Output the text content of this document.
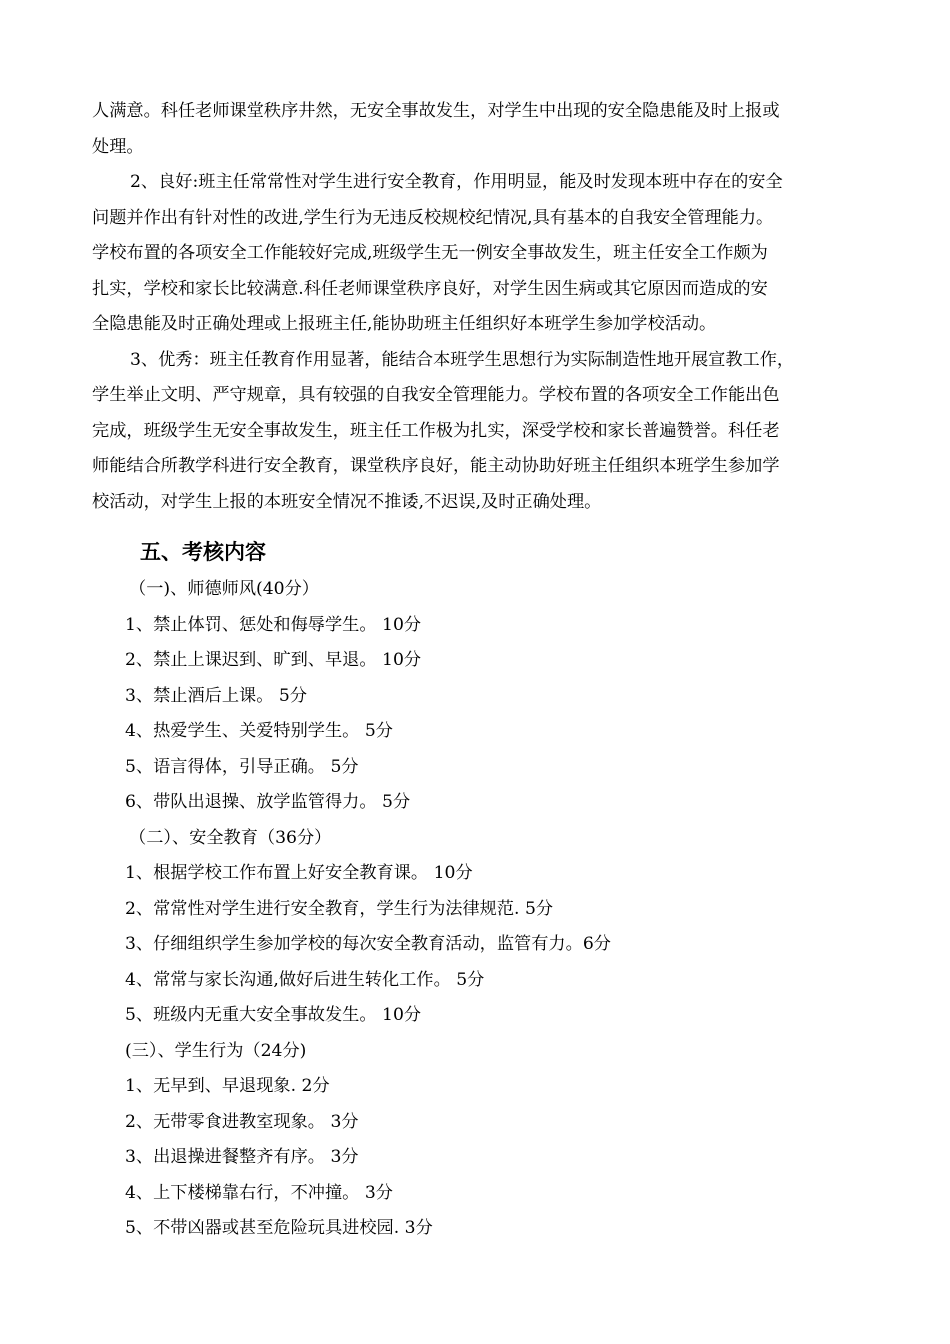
人满意。科任老师课堂秩序井然，无安全事故发生，对学生中出现的安全隐患能及时上报或
处理。
2、良好:班主任常常性对学生进行安全教育，作用明显，能及时发现本班中存在的安全
问题并作出有针对性的改进,学生行为无违反校规校纪情况,具有基本的自我安全管理能力。
学校布置的各项安全工作能较好完成,班级学生无一例安全事故发生，班主任安全工作颇为
扎实，学校和家长比较满意.科任老师课堂秩序良好，对学生因生病或其它原因而造成的安
全隐患能及时正确处理或上报班主任,能协助班主任组织好本班学生参加学校活动。
3、优秀：班主任教育作用显著，能结合本班学生思想行为实际制造性地开展宣教工作，
学生举止文明、严守规章，具有较强的自我安全管理能力。学校布置的各项安全工作能出色
完成，班级学生无安全事故发生，班主任工作极为扎实，深受学校和家长普遍赞誉。科任老
师能结合所教学科进行安全教育，课堂秩序良好，能主动协助好班主任组织本班学生参加学
校活动，对学生上报的本班安全情况不推诿,不迟误,及时正确处理。
五、考核内容
（一)、师德师风(40分）
1、禁止体罚、惩处和侮辱学生。 10分
2、禁止上课迟到、旷到、早退。 10分
3、禁止酒后上课。 5分
4、热爱学生、关爱特别学生。 5分
5、语言得体，引导正确。 5分
6、带队出退操、放学监管得力。 5分
（二）、安全教育（36分）
1、根据学校工作布置上好安全教育课。 10分
2、常常性对学生进行安全教育，学生行为法律规范. 5分
3、仔细组织学生参加学校的每次安全教育活动，监管有力。6分
4、常常与家长沟通,做好后进生转化工作。 5分
5、班级内无重大安全事故发生。 10分
(三）、学生行为（24分)
1、无早到、早退现象. 2分
2、无带零食进教室现象。 3分
3、出退操进餐整齐有序。 3分
4、上下楼梯靠右行，不冲撞。 3分
5、不带凶器或甚至危险玩具进校园. 3分
